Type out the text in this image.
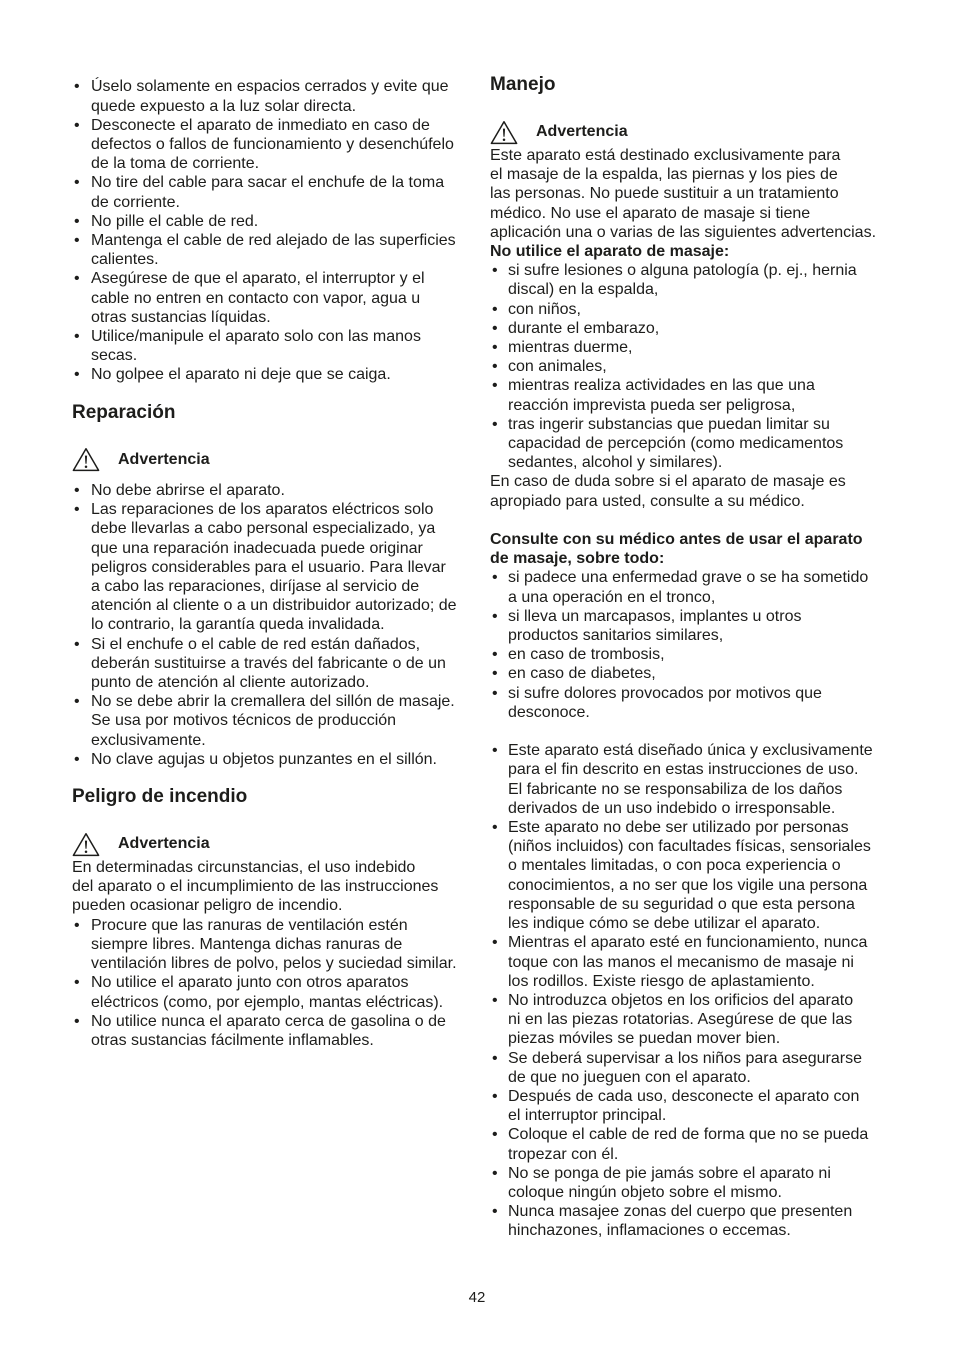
• Úselo solamente en espacios cerrados y evite que
quede expuesto a la luz solar directa.
• Desconecte el aparato de inmediato en caso de
defectos o fallos de funcionamiento y desenchúfelo
de la toma de corriente.
• No tire del cable para sacar el enchufe de la toma
de corriente.
• No pille el cable de red.
• Mantenga el cable de red alejado de las superficies
calientes.
• Asegúrese de que el aparato, el interruptor y el
cable no entren en contacto con vapor, agua u
otras sustancias líquidas.
• Utilice/manipule el aparato solo con las manos
secas.
• No golpee el aparato ni deje que se caiga.
Reparación
Advertencia
• No debe abrirse el aparato.
• Las reparaciones de los aparatos eléctricos solo
debe llevarlas a cabo personal especializado, ya
que una reparación inadecuada puede originar
peligros considerables para el usuario. Para llevar
a cabo las reparaciones, diríjase al servicio de
atención al cliente o a un distribuidor autorizado; de
lo contrario, la garantía queda invalidada.
• Si el enchufe o el cable de red están dañados,
deberán sustituirse a través del fabricante o de un
punto de atención al cliente autorizado.
• No se debe abrir la cremallera del sillón de masaje.
Se usa por motivos técnicos de producción
exclusivamente.
• No clave agujas u objetos punzantes en el sillón.
Peligro de incendio
Advertencia

En determinadas circunstancias, el uso indebido
del aparato o el incumplimiento de las instrucciones
pueden ocasionar peligro de incendio.

• Procure que las ranuras de ventilación estén
siempre libres. Mantenga dichas ranuras de
ventilación libres de polvo, pelos y suciedad similar.
• No utilice el aparato junto con otros aparatos
eléctricos (como, por ejemplo, mantas eléctricas).
• No utilice nunca el aparato cerca de gasolina o de
otras sustancias fácilmente inflamables.
Manejo
Advertencia

Este aparato está destinado exclusivamente para
el masaje de la espalda, las piernas y los pies de
las personas. No puede sustituir a un tratamiento
médico. No use el aparato de masaje si tiene
aplicación una o varias de las siguientes advertencias.

No utilice el aparato de masaje:

• si sufre lesiones o alguna patología (p. ej., hernia
discal) en la espalda,
• con niños,
• durante el embarazo,
• mientras duerme,
• con animales,
• mientras realiza actividades en las que una
reacción imprevista pueda ser peligrosa,
• tras ingerir substancias que puedan limitar su
capacidad de percepción (como medicamentos
sedantes, alcohol y similares).

En caso de duda sobre si el aparato de masaje es
apropiado para usted, consulte a su médico.

Consulte con su médico antes de usar el aparato
de masaje, sobre todo:

• si padece una enfermedad grave o se ha sometido
a una operación en el tronco,
• si lleva un marcapasos, implantes u otros
productos sanitarios similares,
• en caso de trombosis,
• en caso de diabetes,
• si sufre dolores provocados por motivos que
desconoce.
• Este aparato está diseñado única y exclusivamente
para el fin descrito en estas instrucciones de uso.
El fabricante no se responsabiliza de los daños
derivados de un uso indebido o irresponsable.
• Este aparato no debe ser utilizado por personas
(niños incluidos) con facultades físicas, sensoriales
o mentales limitadas, o con poca experiencia o
conocimientos, a no ser que los vigile una persona
responsable de su seguridad o que esta persona
les indique cómo se debe utilizar el aparato.
• Mientras el aparato esté en funcionamiento, nunca
toque con las manos el mecanismo de masaje ni
los rodillos. Existe riesgo de aplastamiento.
• No introduzca objetos en los orificios del aparato
ni en las piezas rotatorias. Asegúrese de que las
piezas móviles se puedan mover bien.
• Se deberá supervisar a los niños para asegurarse
de que no jueguen con el aparato.
• Después de cada uso, desconecte el aparato con
el interruptor principal.
• Coloque el cable de red de forma que no se pueda
tropezar con él.
• No se ponga de pie jamás sobre el aparato ni
coloque ningún objeto sobre el mismo.
• Nunca masajee zonas del cuerpo que presenten
hinchazones, inflamaciones o eccemas.
42
